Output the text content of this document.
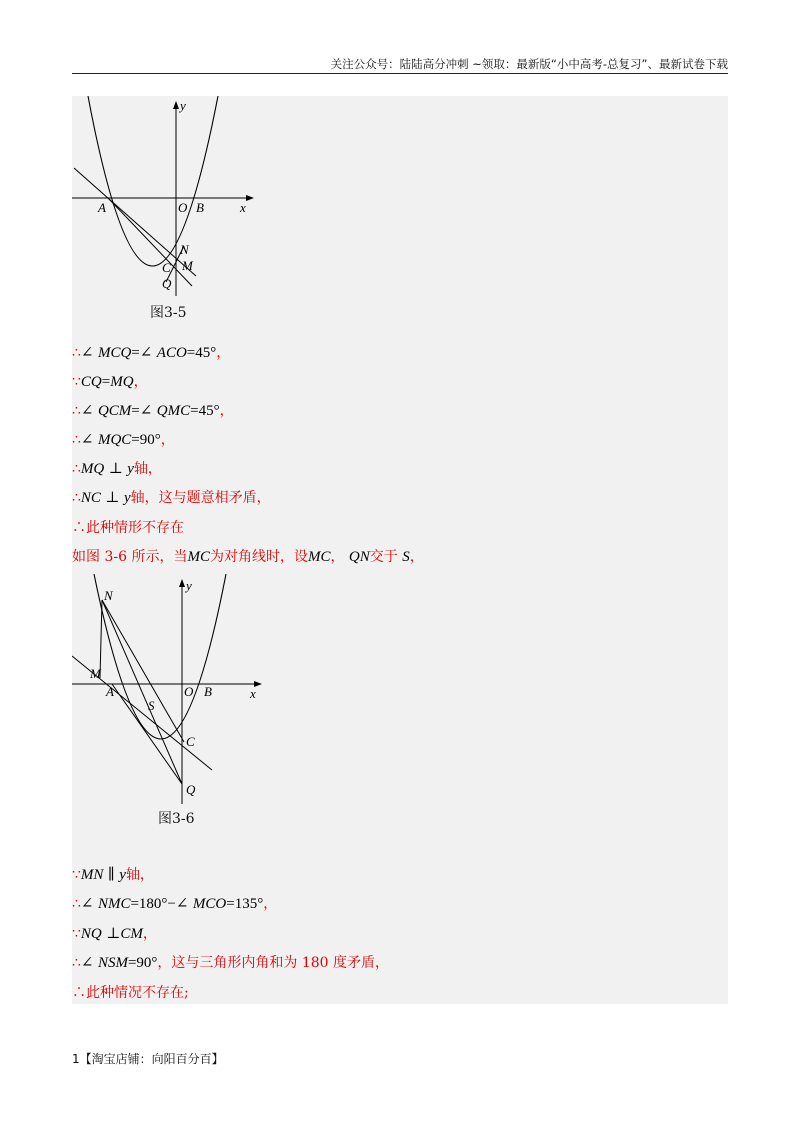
关注公众号：陆陆高分冲刺 ~领取：最新版“小中高考-总复习”、最新试卷下载
A	O B	x
y
N
C M
Q
图3-5
∴∠ MCQ=∠ ACO=45°，
∵CQ=MQ，
∴∠ QCM=∠ QMC=45°，
∴∠ MQC=90°，
∴MQ ⊥ y轴，
∴NC ⊥ y轴，这与题意相矛盾，
∴此种情形不存在
如图 3-6 所示，当MC为对角线时，设MC， QN交于 S，
N
M
A	O B	x
y
S
C
Q
图3-6
∵MN ∥ y轴，
∴∠ NMC=180°−∠ MCO=135°，
∵NQ ⊥CM，
∴∠ NSM=90°，这与三角形内角和为 180 度矛盾，
∴此种情况不存在;
1【淘宝店铺：向阳百分百】
